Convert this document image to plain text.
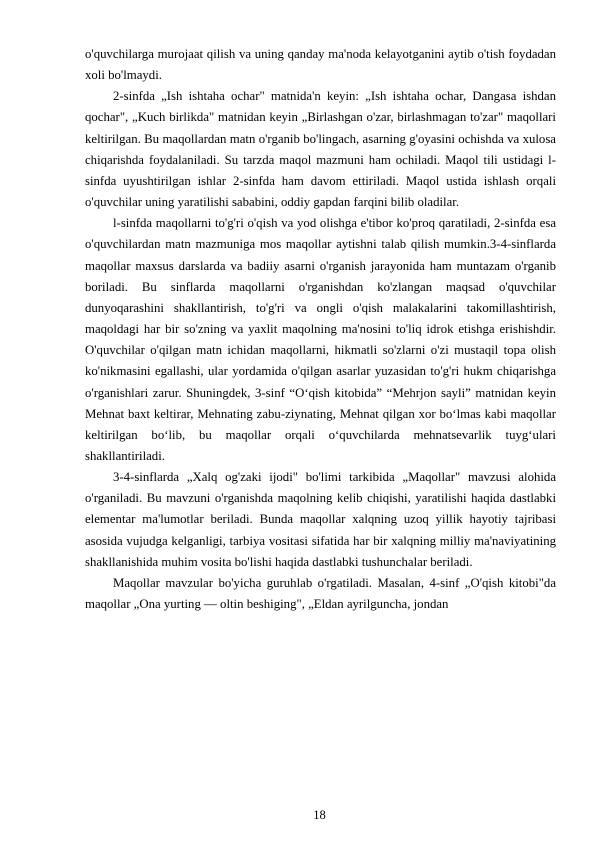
o'quvchilarga murojaat qilish va uning qanday ma'noda kelayotganini aytib o'tish foydadan xoli bo'lmaydi.

2-sinfda „Ish ishtaha ochar" matnida'n keyin: „Ish ishtaha ochar, Dangasa ishdan qochar", „Kuch birlikda" matnidan keyin „Birlashgan o'zar, birlashmagan to'zar" maqollari keltirilgan. Bu maqollardan matn o'rganib bo'lingach, asarning g'oyasini ochishda va xulosa chiqarishda foydalaniladi. Su tarzda maqol mazmuni ham ochiladi. Maqol tili ustidagi l-sinfda uyushtirilgan ishlar 2-sinfda ham davom ettiriladi. Maqol ustida ishlash orqali o'quvchilar uning yaratilishi sababini, oddiy gapdan farqini bilib oladilar.

l-sinfda maqollarni to'g'ri o'qish va yod olishga e'tibor ko'proq qaratiladi, 2-sinfda esa o'quvchilardan matn mazmuniga mos maqollar aytishni talab qilish mumkin.3-4-sinflarda maqollar maxsus darslarda va badiiy asarni o'rganish jarayonida ham muntazam o'rganib boriladi. Bu sinflarda maqollarni o'rganishdan ko'zlangan maqsad o'quvchilar dunyoqarashini shakllantirish, to'g'ri va ongli o'qish malakalarini takomillashtirish, maqoldagi har bir so'zning va yaxlit maqolning ma'nosini to'liq idrok etishga erishishdir. O'quvchilar o'qilgan matn ichidan maqollarni, hikmatli so'zlarni o'zi mustaqil topa olish ko'nikmasini egallashi, ular yordamida o'qilgan asarlar yuzasidan to'g'ri hukm chiqarishga o'rganishlari zarur. Shuningdek, 3-sinf “O‘qish kitobida” “Mehrjon sayli” matnidan keyin Mehnat baxt keltirar, Mehnating zabu-ziynating, Mehnat qilgan xor bo‘lmas kabi maqollar keltirilgan bo‘lib, bu maqollar orqali o‘quvchilarda mehnatsevarlik tuyg‘ulari shakllantiriladi.

3-4-sinflarda „Xalq og'zaki ijodi" bo'limi tarkibida „Maqollar" mavzusi alohida o'rganiladi. Bu mavzuni o'rganishda maqolning kelib chiqishi, yaratilishi haqida dastlabki elementar ma'lumotlar beriladi. Bunda maqollar xalqning uzoq yillik hayotiy tajribasi asosida vujudga kelganligi, tarbiya vositasi sifatida har bir xalqning milliy ma'naviyatining shakllanishida muhim vosita bo'lishi haqida dastlabki tushunchalar beriladi.

Maqollar mavzular bo'yicha guruhlab o'rgatiladi. Masalan, 4-sinf „O'qish kitobi"da maqollar „Ona yurting — oltin beshiging", „Eldan ayrilguncha, jondan

18
